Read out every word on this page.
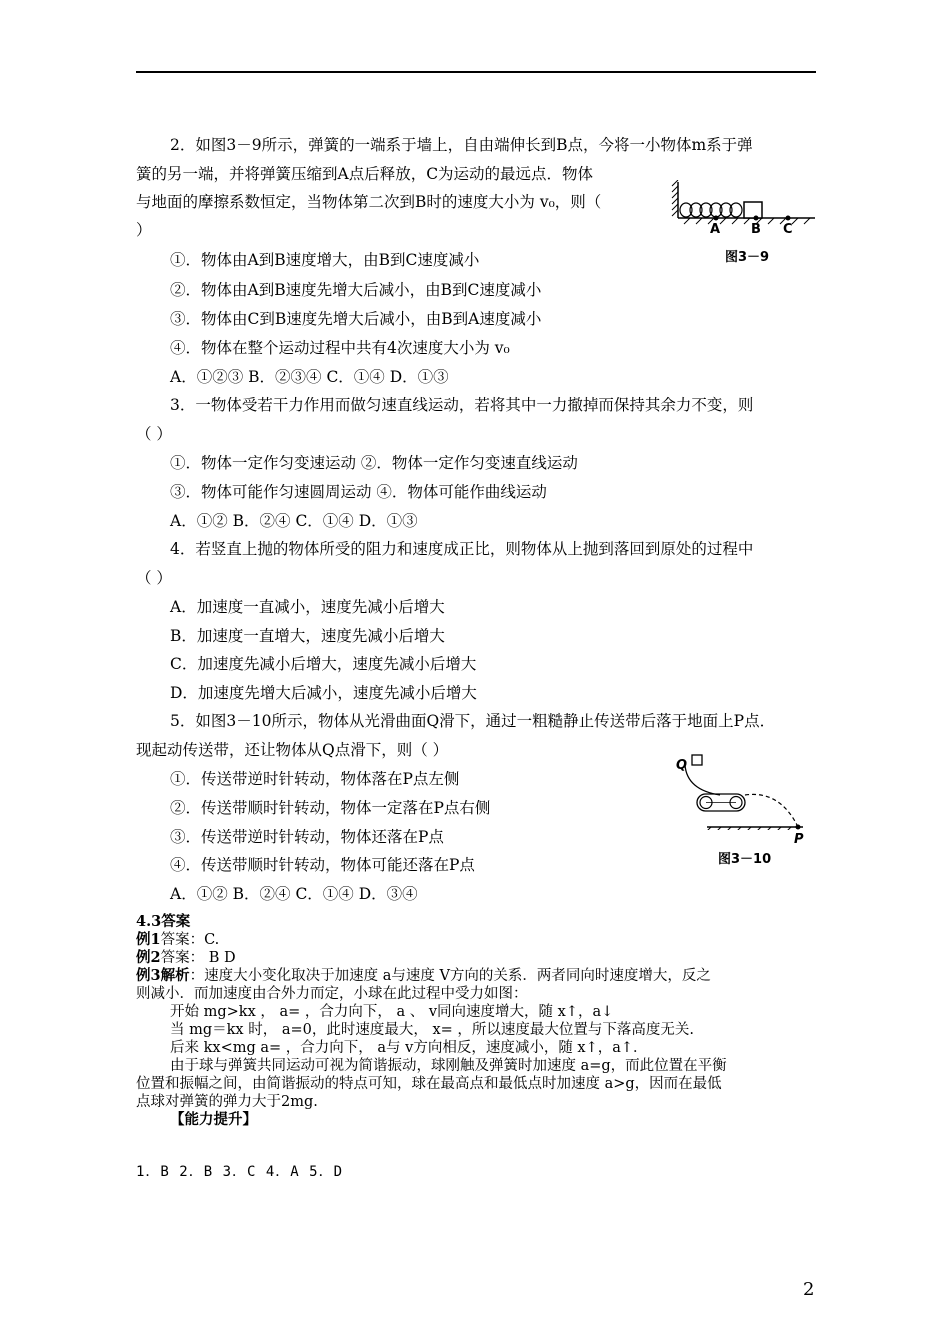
2．如图3－9所示，弹簧的一端系于墙上，自由端伸长到B点，今将一小物体m系于弹
簧的另一端，并将弹簧压缩到A点后释放，C为运动的最远点．物体
与地面的摩擦系数恒定，当物体第二次到B时的速度大小为 v₀，则（
）
①．物体由A到B速度增大，由B到C速度减小
②．物体由A到B速度先增大后减小，由B到C速度减小
③．物体由C到B速度先增大后减小，由B到A速度减小
④．物体在整个运动过程中共有4次速度大小为 v₀
A．①②③ B．②③④ C．①④ D．①③
3．一物体受若干力作用而做匀速直线运动，若将其中一力撤掉而保持其余力不变，则
（ ）
①．物体一定作匀变速运动 ②．物体一定作匀变速直线运动
③．物体可能作匀速圆周运动 ④．物体可能作曲线运动
A．①② B．②④ C．①④ D．①③
4．若竖直上抛的物体所受的阻力和速度成正比，则物体从上抛到落回到原处的过程中
（ ）
A．加速度一直减小，速度先减小后增大
B．加速度一直增大，速度先减小后增大
C．加速度先减小后增大，速度先减小后增大
D．加速度先增大后减小，速度先减小后增大
5．如图3－10所示，物体从光滑曲面Q滑下，通过一粗糙静止传送带后落于地面上P点．
现起动传送带，还让物体从Q点滑下，则（ ）
①．传送带逆时针转动，物体落在P点左侧
②．传送带顺时针转动，物体一定落在P点右侧
③．传送带逆时针转动，物体还落在P点
④．传送带顺时针转动，物体可能还落在P点
A．①② B．②④ C．①④ D．③④
4.3答案
例1答案：C.
例2答案： B D
例3解析：速度大小变化取决于加速度 a与速度 V方向的关系．两者同向时速度增大，反之
则减小．而加速度由合外力而定，小球在此过程中受力如图：
开始 mg>kx ， a= ，合力向下， a 、 v同向速度增大，随 x↑，a↓
当 mg＝kx 时， a=0，此时速度最大， x= ，所以速度最大位置与下落高度无关.
后来 kx<mg a= ，合力向下， a与 v方向相反，速度减小，随 x↑，a↑．
由于球与弹簧共同运动可视为简谐振动，球刚触及弹簧时加速度 a=g，而此位置在平衡
位置和振幅之间，由简谐振动的特点可知，球在最高点和最低点时加速度 a>g，因而在最低
点球对弹簧的弹力大于2mg.
【能力提升】
1．B 2．B 3．C 4．A 5．D
A B C
图3－9
Q
P
图3－10
2
